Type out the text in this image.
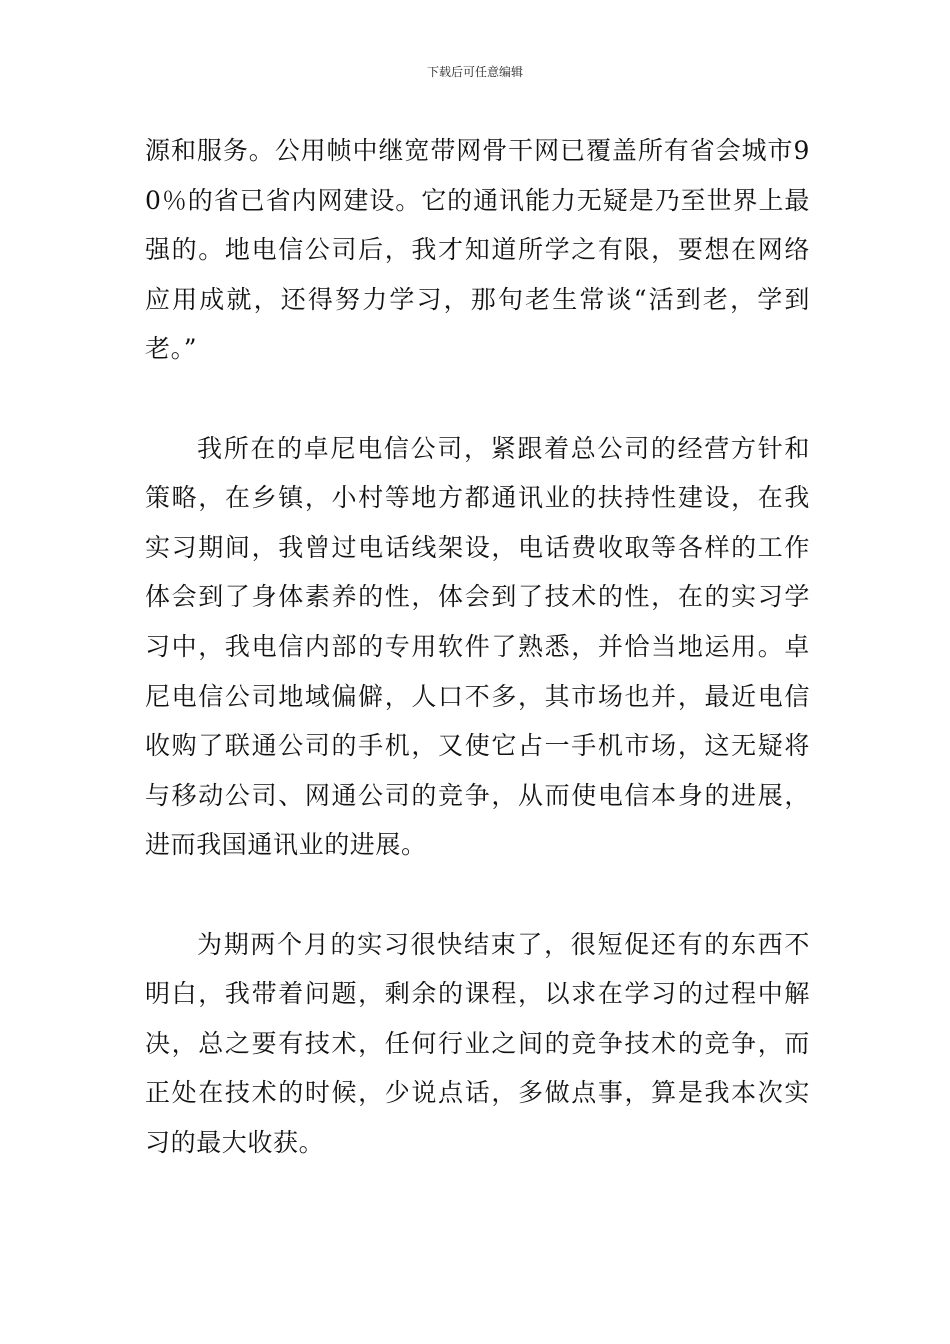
下载后可任意编辑

源和服务。公用帧中继宽带网骨干网已覆盖所有省会城市90％的省已省内网建设。它的通讯能力无疑是乃至世界上最强的。地电信公司后，我才知道所学之有限，要想在网络应用成就，还得努力学习，那句老生常谈“活到老，学到老。”

我所在的卓尼电信公司，紧跟着总公司的经营方针和策略，在乡镇，小村等地方都通讯业的扶持性建设，在我实习期间，我曾过电话线架设，电话费收取等各样的工作体会到了身体素养的性，体会到了技术的性，在的实习学习中，我电信内部的专用软件了熟悉，并恰当地运用。卓尼电信公司地域偏僻，人口不多，其市场也并，最近电信收购了联通公司的手机，又使它占一手机市场，这无疑将与移动公司、网通公司的竞争，从而使电信本身的进展，进而我国通讯业的进展。

为期两个月的实习很快结束了，很短促还有的东西不明白，我带着问题，剩余的课程，以求在学习的过程中解决，总之要有技术，任何行业之间的竞争技术的竞争，而正处在技术的时候，少说点话，多做点事，算是我本次实习的最大收获。
